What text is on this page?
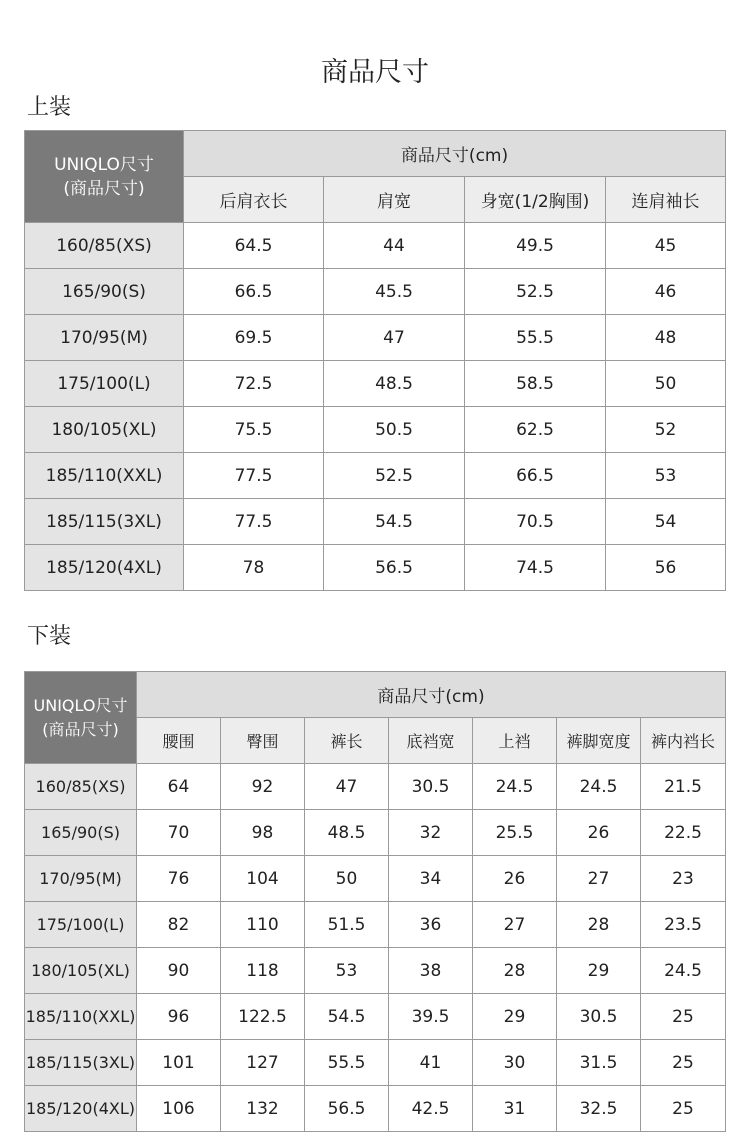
商品尺寸
上装
UNIQLO尺寸
(商品尺寸)	商品尺寸(cm)			
	后肩衣长	肩宽	身宽(1/2胸围)	连肩袖长
160/85(XS)	64.5	44	49.5	45
165/90(S)	66.5	45.5	52.5	46
170/95(M)	69.5	47	55.5	48
175/100(L)	72.5	48.5	58.5	50
180/105(XL)	75.5	50.5	62.5	52
185/110(XXL)	77.5	52.5	66.5	53
185/115(3XL)	77.5	54.5	70.5	54
185/120(4XL)	78	56.5	74.5	56
下装
UNIQLO尺寸
(商品尺寸)	商品尺寸(cm)						
	腰围	臀围	裤长	底裆宽	上裆	裤脚宽度	裤内裆长
160/85(XS)	64	92	47	30.5	24.5	24.5	21.5
165/90(S)	70	98	48.5	32	25.5	26	22.5
170/95(M)	76	104	50	34	26	27	23
175/100(L)	82	110	51.5	36	27	28	23.5
180/105(XL)	90	118	53	38	28	29	24.5
185/110(XXL)	96	122.5	54.5	39.5	29	30.5	25
185/115(3XL)	101	127	55.5	41	30	31.5	25
185/120(4XL)	106	132	56.5	42.5	31	32.5	25
